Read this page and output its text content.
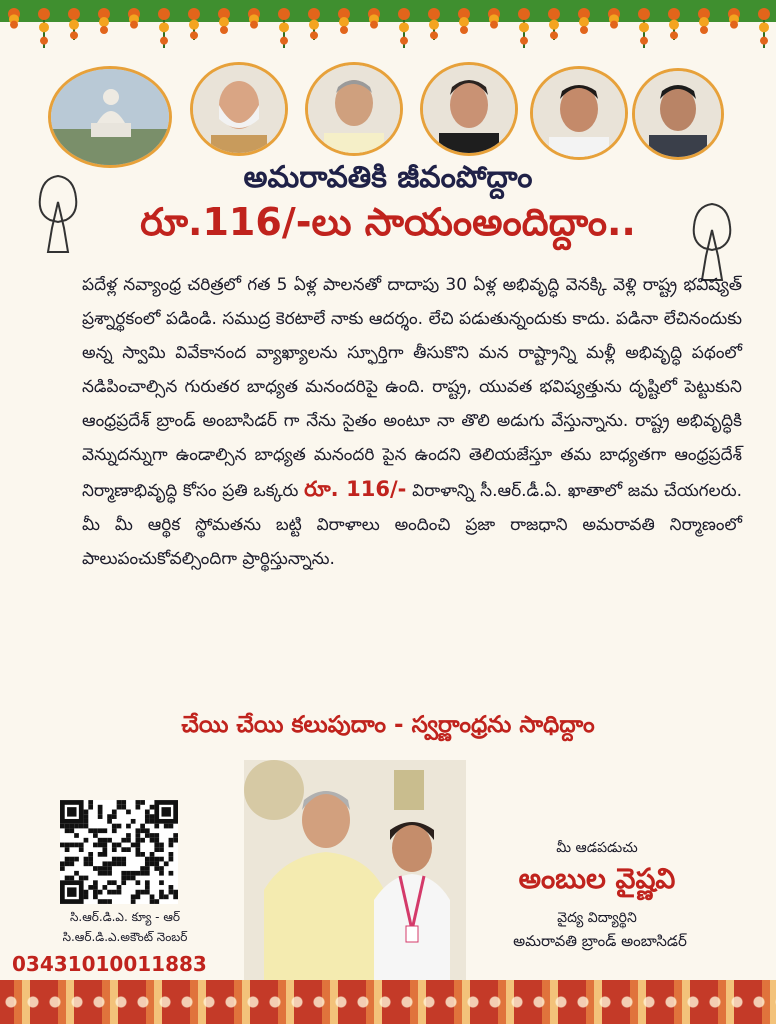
అమరావతికి జీవంపోద్దాం
రూ.116/-లు సాయంఅందిద్దాం..
పదేళ్ల నవ్యాంధ్ర చరిత్రలో గత 5 ఏళ్ల పాలనతో దాదాపు 30 ఏళ్ల అభివృద్ధి వెనక్కి వెళ్లి రాష్ట్ర భవిష్యత్ ప్రశ్నార్థకంలో పడిండి. సముద్ర కెరటాలే నాకు ఆదర్శం. లేచి పడుతున్నందుకు కాదు. పడినా లేచినందుకు అన్న స్వామి వివేకానంద వ్యాఖ్యాలను స్ఫూర్తిగా తీసుకొని మన రాష్ట్రాన్ని మళ్లీ అభివృద్ధి పథంలో నడిపించాల్సిన గురుతర బాధ్యత మనందరిపై ఉంది. రాష్ట్ర, యువత భవిష్యత్తును దృష్టిలో పెట్టుకుని ఆంధ్రప్రదేశ్ బ్రాండ్ అంబాసిడర్ గా నేను సైతం అంటూ నా తొలి అడుగు వేస్తున్నాను. రాష్ట్ర అభివృద్ధికి వెన్నుదన్నుగా ఉండాల్సిన బాధ్యత మనందరి పైన ఉందని తెలియజేస్తూ తమ బాధ్యతగా ఆంధ్రప్రదేశ్ నిర్మాణాభివృద్ధి కోసం ప్రతి ఒక్కరు రూ. 116/- విరాళాన్ని సీ.ఆర్.డీ.ఏ. ఖాతాలో జమ చేయగలరు. మీ మీ ఆర్థిక స్థోమతను బట్టి విరాళాలు అందించి ప్రజా రాజధాని అమరావతి నిర్మాణంలో పాలుపంచుకోవల్సిందిగా ప్రార్థిస్తున్నాను.
చేయి చేయి కలుపుదాం - స్వర్ణాంధ్రను సాధిద్దాం
సి.ఆర్.డి.ఎ. క్యూ - ఆర్
సి.ఆర్.డి.ఎ.అకౌంట్ నెంబర్
03431010011883
మీ ఆడపడుచు
అంబుల వైష్ణవి
వైద్య విద్యార్థిని
అమరావతి బ్రాండ్ అంబాసిడర్
